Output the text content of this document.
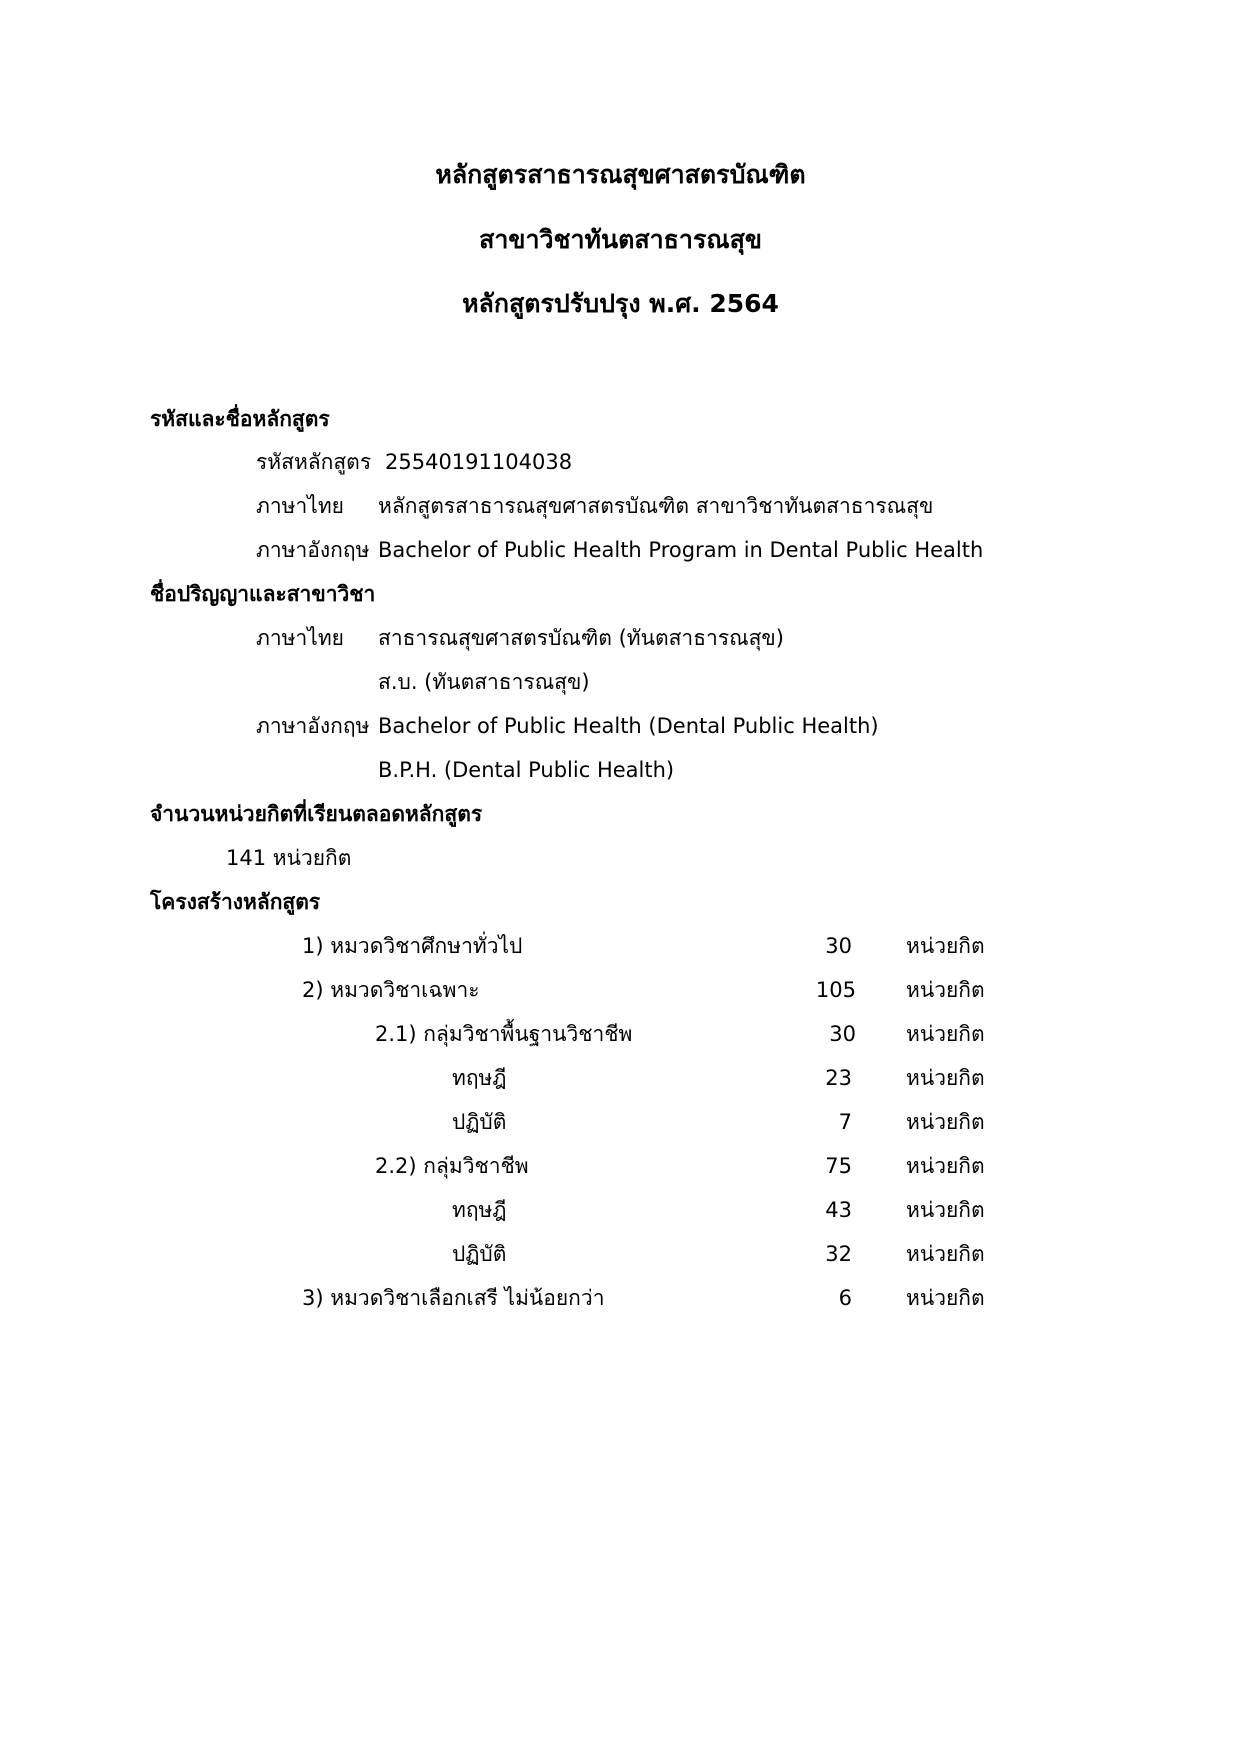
หลักสูตรสาธารณสุขศาสตรบัณฑิต
สาขาวิชาทันตสาธารณสุข
หลักสูตรปรับปรุง พ.ศ. 2564
รหัสและชื่อหลักสูตร
รหัสหลักสูตร 25540191104038
ภาษาไทย หลักสูตรสาธารณสุขศาสตรบัณฑิต สาขาวิชาทันตสาธารณสุข
ภาษาอังกฤษ Bachelor of Public Health Program in Dental Public Health
ชื่อปริญญาและสาขาวิชา
ภาษาไทย สาธารณสุขศาสตรบัณฑิต (ทันตสาธารณสุข)
ส.บ. (ทันตสาธารณสุข)
ภาษาอังกฤษ Bachelor of Public Health (Dental Public Health)
B.P.H. (Dental Public Health)
จำนวนหน่วยกิตที่เรียนตลอดหลักสูตร
141 หน่วยกิต
โครงสร้างหลักสูตร
1) หมวดวิชาศึกษาทั่วไป	30	หน่วยกิต
2) หมวดวิชาเฉพาะ	105 หน่วยกิต
2.1) กลุ่มวิชาพื้นฐานวิชาชีพ	30 หน่วยกิต
ทฤษฎี	23	หน่วยกิต
ปฏิบัติ	7	หน่วยกิต
2.2) กลุ่มวิชาชีพ	75	หน่วยกิต
ทฤษฎี	43	หน่วยกิต
ปฏิบัติ	32	หน่วยกิต
3) หมวดวิชาเลือกเสรี ไม่น้อยกว่า	6	หน่วยกิต
